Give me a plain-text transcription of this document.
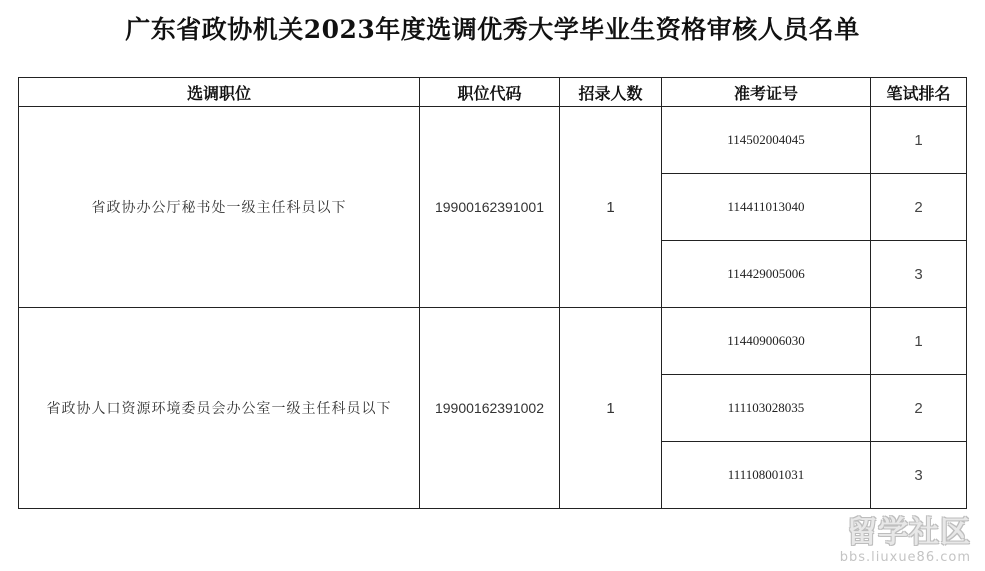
广东省政协机关2023年度选调优秀大学毕业生资格审核人员名单
选调职位	职位代码	招录人数	准考证号	笔试排名
省政协办公厅秘书处一级主任科员以下	19900162391001	1	114502004045	1
			114411013040	2
			114429005006	3
省政协人口资源环境委员会办公室一级主任科员以下	19900162391002	1	114409006030	1
			111103028035	2
			111108001031	3
留学社区
bbs.liuxue86.com
